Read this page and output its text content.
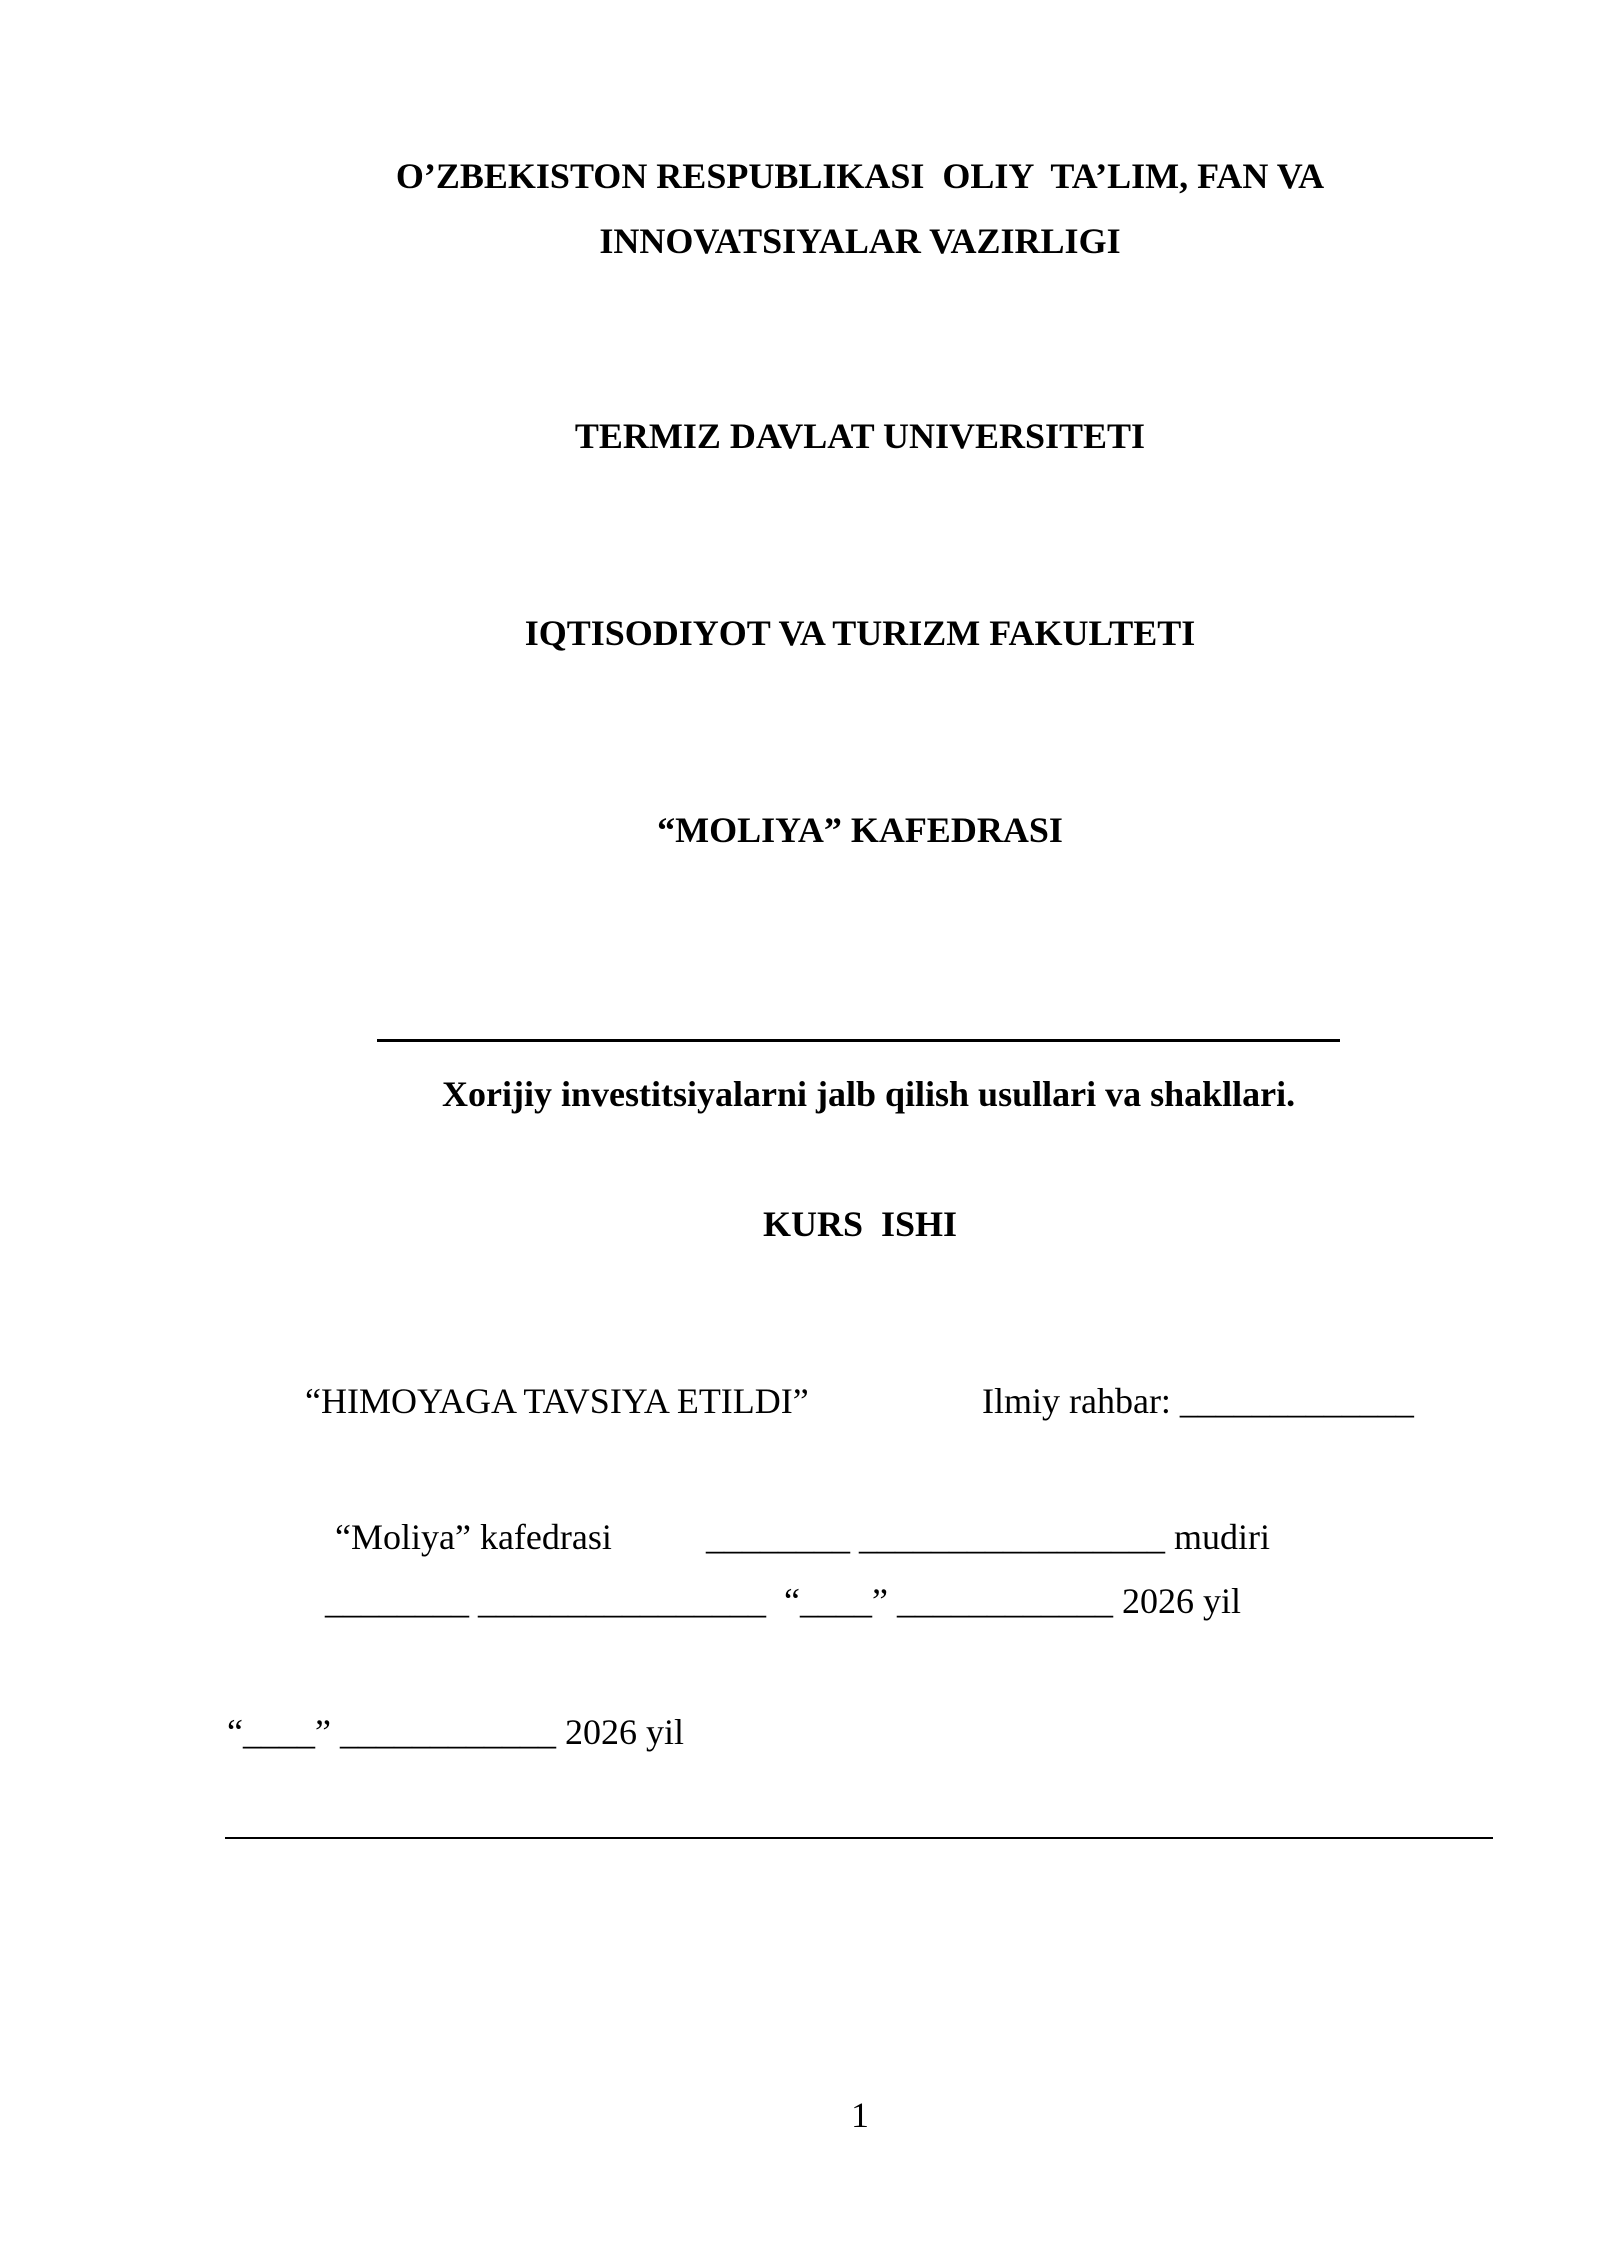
O’ZBEKISTON RESPUBLIKASI  OLIY  TA’LIM, FAN VA
INNOVATSIYALAR VAZIRLIGI
TERMIZ DAVLAT UNIVERSITETI
IQTISODIYOT VA TURIZM FAKULTETI
“MOLIYA” KAFEDRASI
Xorijiy investitsiyalarni jalb qilish usullari va shakllari.
KURS  ISHI
“HIMOYAGA TAVSIYA ETILDI”	Ilmiy rahbar: _____________
“Moliya” kafedrasi	________ _________________ mudiri
________ ________________  “____” ____________ 2026 yil
“____” ____________ 2026 yil
1
